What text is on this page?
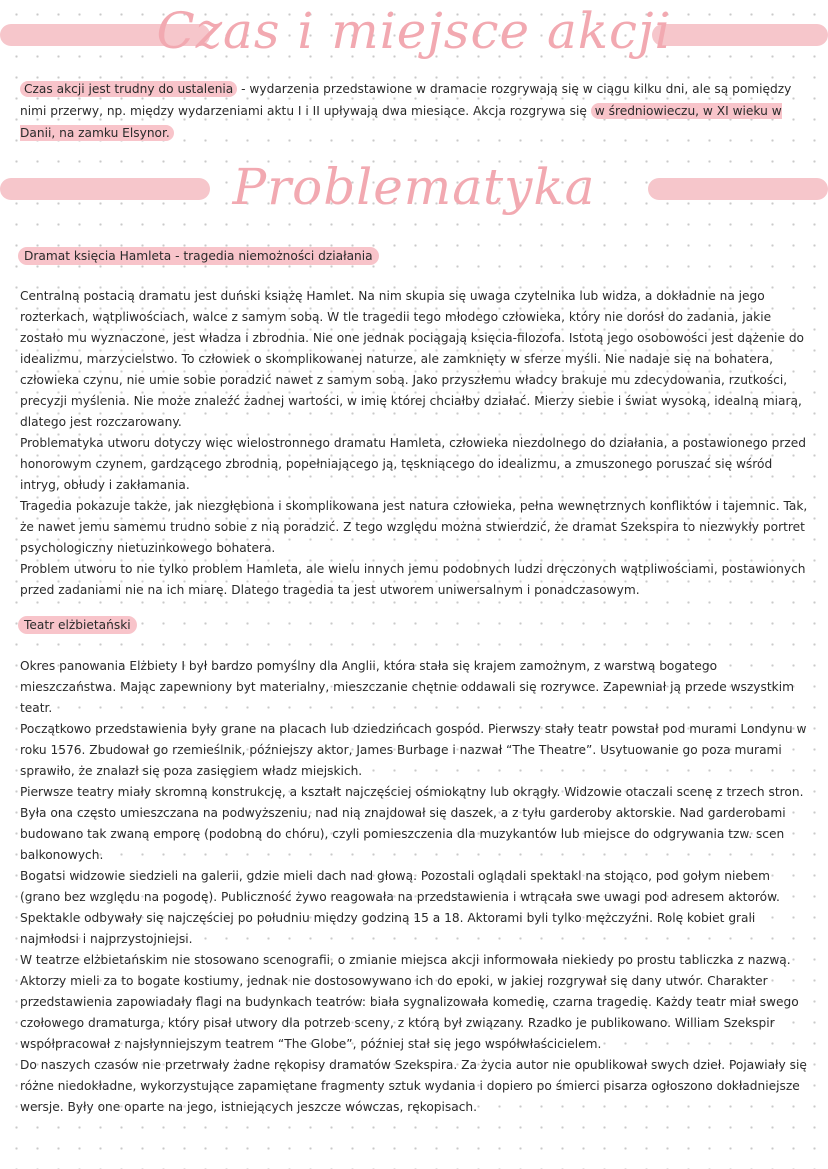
Czas i miejsce akcji
Czas akcji jest trudny do ustalenia - wydarzenia przedstawione w dramacie rozgrywają się w ciągu kilku dni, ale są pomiędzy nimi przerwy, np. między wydarzeniami aktu I i II upływają dwa miesiące. Akcja rozgrywa się w średniowieczu, w XI wieku w Danii, na zamku Elsynor.
Problematyka
Dramat księcia Hamleta - tragedia niemożności działania

Centralną postacią dramatu jest duński książę Hamlet. Na nim skupia się uwaga czytelnika lub widza, a dokładnie na jego rozterkach, wątpliwościach, walce z samym sobą. W tle tragedii tego młodego człowieka, który nie dorósł do zadania, jakie zostało mu wyznaczone, jest władza i zbrodnia. Nie one jednak pociągają księcia-filozofa. Istotą jego osobowości jest dążenie do idealizmu, marzycielstwo. To człowiek o skomplikowanej naturze, ale zamknięty w sferze myśli. Nie nadaje się na bohatera, człowieka czynu, nie umie sobie poradzić nawet z samym sobą. Jako przyszłemu władcy brakuje mu zdecydowania, rzutkości, precyzji myślenia. Nie może znaleźć żadnej wartości, w imię której chciałby działać. Mierzy siebie i świat wysoką, idealną miarą, dlatego jest rozczarowany.

Problematyka utworu dotyczy więc wielostronnego dramatu Hamleta, człowieka niezdolnego do działania, a postawionego przed honorowym czynem, gardzącego zbrodnią, popełniającego ją, tęskniącego do idealizmu, a zmuszonego poruszać się wśród intryg, obłudy i zakłamania.

Tragedia pokazuje także, jak niezgłębiona i skomplikowana jest natura człowieka, pełna wewnętrznych konfliktów i tajemnic. Tak, że nawet jemu samemu trudno sobie z nią poradzić. Z tego względu można stwierdzić, że dramat Szekspira to niezwykły portret psychologiczny nietuzinkowego bohatera.

Problem utworu to nie tylko problem Hamleta, ale wielu innych jemu podobnych ludzi dręczonych wątpliwościami, postawionych przed zadaniami nie na ich miarę. Dlatego tragedia ta jest utworem uniwersalnym i ponadczasowym.

Teatr elżbietański

Okres panowania Elżbiety I był bardzo pomyślny dla Anglii, która stała się krajem zamożnym, z warstwą bogatego mieszczaństwa. Mając zapewniony byt materialny, mieszczanie chętnie oddawali się rozrywce. Zapewniał ją przede wszystkim teatr.

Początkowo przedstawienia były grane na placach lub dziedzińcach gospód. Pierwszy stały teatr powstał pod murami Londynu w roku 1576. Zbudował go rzemieślnik, późniejszy aktor, James Burbage i nazwał “The Theatre”. Usytuowanie go poza murami sprawiło, że znalazł się poza zasięgiem władz miejskich.

Pierwsze teatry miały skromną konstrukcję, a kształt najczęściej ośmiokątny lub okrągły. Widzowie otaczali scenę z trzech stron. Była ona często umieszczana na podwyższeniu, nad nią znajdował się daszek, a z tyłu garderoby aktorskie. Nad garderobami budowano tak zwaną emporę (podobną do chóru), czyli pomieszczenia dla muzykantów lub miejsce do odgrywania tzw. scen balkonowych.

Bogatsi widzowie siedzieli na galerii, gdzie mieli dach nad głową. Pozostali oglądali spektakl na stojąco, pod gołym niebem (grano bez względu na pogodę). Publiczność żywo reagowała na przedstawienia i wtrącała swe uwagi pod adresem aktorów. Spektakle odbywały się najczęściej po południu między godziną 15 a 18. Aktorami byli tylko mężczyźni. Rolę kobiet grali najmłodsi i najprzystojniejsi.

W teatrze elżbietańskim nie stosowano scenografii, o zmianie miejsca akcji informowała niekiedy po prostu tabliczka z nazwą. Aktorzy mieli za to bogate kostiumy, jednak nie dostosowywano ich do epoki, w jakiej rozgrywał się dany utwór. Charakter przedstawienia zapowiadały flagi na budynkach teatrów: biała sygnalizowała komedię, czarna tragedię. Każdy teatr miał swego czołowego dramaturga, który pisał utwory dla potrzeb sceny, z którą był związany. Rzadko je publikowano. William Szekspir współpracował z najsłynniejszym teatrem “The Globe”, później stał się jego współwłaścicielem.

Do naszych czasów nie przetrwały żadne rękopisy dramatów Szekspira. Za życia autor nie opublikował swych dzieł. Pojawiały się różne niedokładne, wykorzystujące zapamiętane fragmenty sztuk wydania i dopiero po śmierci pisarza ogłoszono dokładniejsze wersje. Były one oparte na jego, istniejących jeszcze wówczas, rękopisach.
